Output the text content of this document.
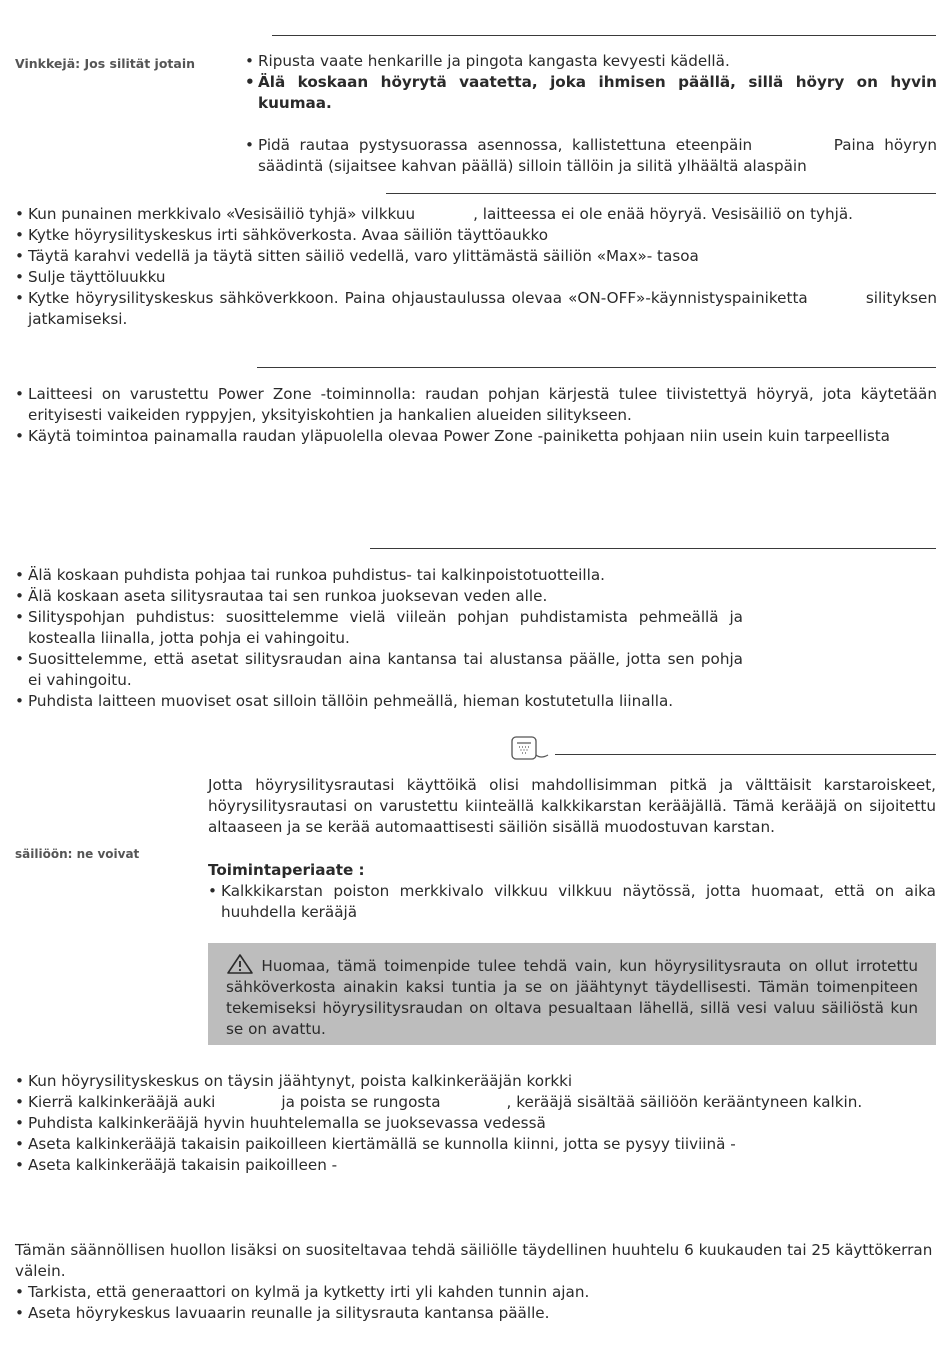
Vinkkejä: Jos silität jotain
•	Ripusta vaate henkarille ja pingota kangasta kevyesti kädellä.
• Älä koskaan höyrytä vaatetta, joka ihmisen päällä, sillä höyry on hyvin kuumaa.
• Pidä rautaa pystysuorassa asennossa, kallistettuna eteenpäin	Paina höyryn säädintä (sijaitsee kahvan päällä) silloin tällöin ja silitä ylhäältä alaspäin
• Kun punainen merkkivalo «Vesisäiliö tyhjä» vilkkuu	, laitteessa ei ole enää höyryä. Vesisäiliö on tyhjä.
• Kytke höyrysilityskeskus irti sähköverkosta. Avaa säiliön täyttöaukko
• Täytä karahvi vedellä ja täytä sitten säiliö vedellä, varo ylittämästä säiliön «Max»- tasoa
• Sulje täyttöluukku
• Kytke höyrysilityskeskus sähköverkkoon. Paina ohjaustaulussa olevaa «ON-OFF»-käynnistyspainiketta	silityksen jatkamiseksi.
• Laitteesi on varustettu Power Zone -toiminnolla: raudan pohjan kärjestä tulee tiivistettyä höyryä, jota käytetään erityisesti vaikeiden ryppyjen, yksityiskohtien ja hankalien alueiden silitykseen.
• Käytä toimintoa painamalla raudan yläpuolella olevaa Power Zone -painiketta pohjaan niin usein kuin tarpeellista
• Älä koskaan puhdista pohjaa tai runkoa puhdistus- tai kalkinpoistotuotteilla.
• Älä koskaan aseta silitysrautaa tai sen runkoa juoksevan veden alle.
• Silityspohjan puhdistus: suosittelemme vielä viileän pohjan puhdistamista pehmeällä ja kostealla liinalla, jotta pohja ei vahingoitu.
• Suosittelemme, että asetat silitysraudan aina kantansa tai alustansa päälle, jotta sen pohja ei vahingoitu.
• Puhdista laitteen muoviset osat silloin tällöin pehmeällä, hieman kostutetulla liinalla.
säiliöön: ne voivat

Jotta höyrysilitysrautasi käyttöikä olisi mahdollisimman pitkä ja välttäisit karstaroiskeet, höyrysilitysrautasi on varustettu kiinteällä kalkkikarstan kerääjällä. Tämä kerääjä on sijoitettu altaaseen ja se kerää automaattisesti säiliön sisällä muodostuvan karstan.

Toimintaperiaate :
• Kalkkikarstan poiston merkkivalo vilkkuu vilkkuu näytössä, jotta huomaat, että on aika huuhdella kerääjä

Huomaa, tämä toimenpide tulee tehdä vain, kun höyrysilitysrauta on ollut irrotettu sähköverkosta ainakin kaksi tuntia ja se on jäähtynyt täydellisesti. Tämän toimenpiteen tekemiseksi höyrysilitysraudan on oltava pesualtaan lähellä, sillä vesi valuu säiliöstä kun se on avattu.

• Kun höyrysilityskeskus on täysin jäähtynyt, poista kalkinkerääjän korkki
• Kierrä kalkinkerääjä auki	ja poista se rungosta	, kerääjä sisältää säiliöön kerääntyneen kalkin.
• Puhdista kalkinkerääjä hyvin huuhtelemalla se juoksevassa vedessä
• Aseta kalkinkerääjä takaisin paikoilleen kiertämällä se kunnolla kiinni, jotta se pysyy tiiviinä -
• Aseta kalkinkerääjä takaisin paikoilleen -

Tämän säännöllisen huollon lisäksi on suositeltavaa tehdä säiliölle täydellinen huuhtelu 6 kuukauden tai 25 käyttökerran välein.

• Tarkista, että generaattori on kylmä ja kytketty irti yli kahden tunnin ajan.
• Aseta höyrykeskus lavuaarin reunalle ja silitysrauta kantansa päälle.
